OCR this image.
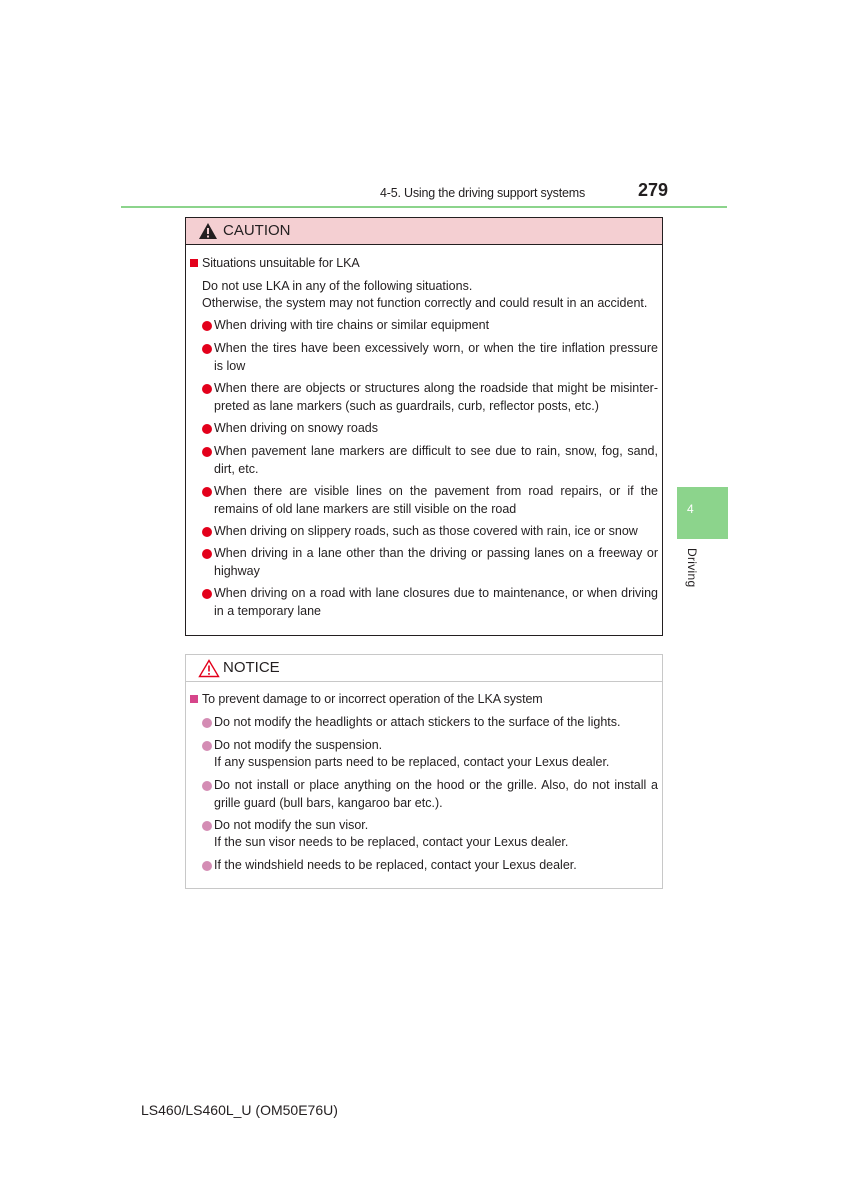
4-5. Using the driving support systems	279
4
Driving
CAUTION
Situations unsuitable for LKA
Do not use LKA in any of the following situations.
Otherwise, the system may not function correctly and could result in an accident.
When driving with tire chains or similar equipment
When the tires have been excessively worn, or when the tire inflation pressure is low
When there are objects or structures along the roadside that might be misinter-preted as lane markers (such as guardrails, curb, reflector posts, etc.)
When driving on snowy roads
When pavement lane markers are difficult to see due to rain, snow, fog, sand, dirt, etc.
When there are visible lines on the pavement from road repairs, or if the remains of old lane markers are still visible on the road
When driving on slippery roads, such as those covered with rain, ice or snow
When driving in a lane other than the driving or passing lanes on a freeway or highway
When driving on a road with lane closures due to maintenance, or when driving in a temporary lane
NOTICE
To prevent damage to or incorrect operation of the LKA system
Do not modify the headlights or attach stickers to the surface of the lights.
Do not modify the suspension.
If any suspension parts need to be replaced, contact your Lexus dealer.
Do not install or place anything on the hood or the grille. Also, do not install a grille guard (bull bars, kangaroo bar etc.).
Do not modify the sun visor.
If the sun visor needs to be replaced, contact your Lexus dealer.
If the windshield needs to be replaced, contact your Lexus dealer.
LS460/LS460L_U (OM50E76U)
